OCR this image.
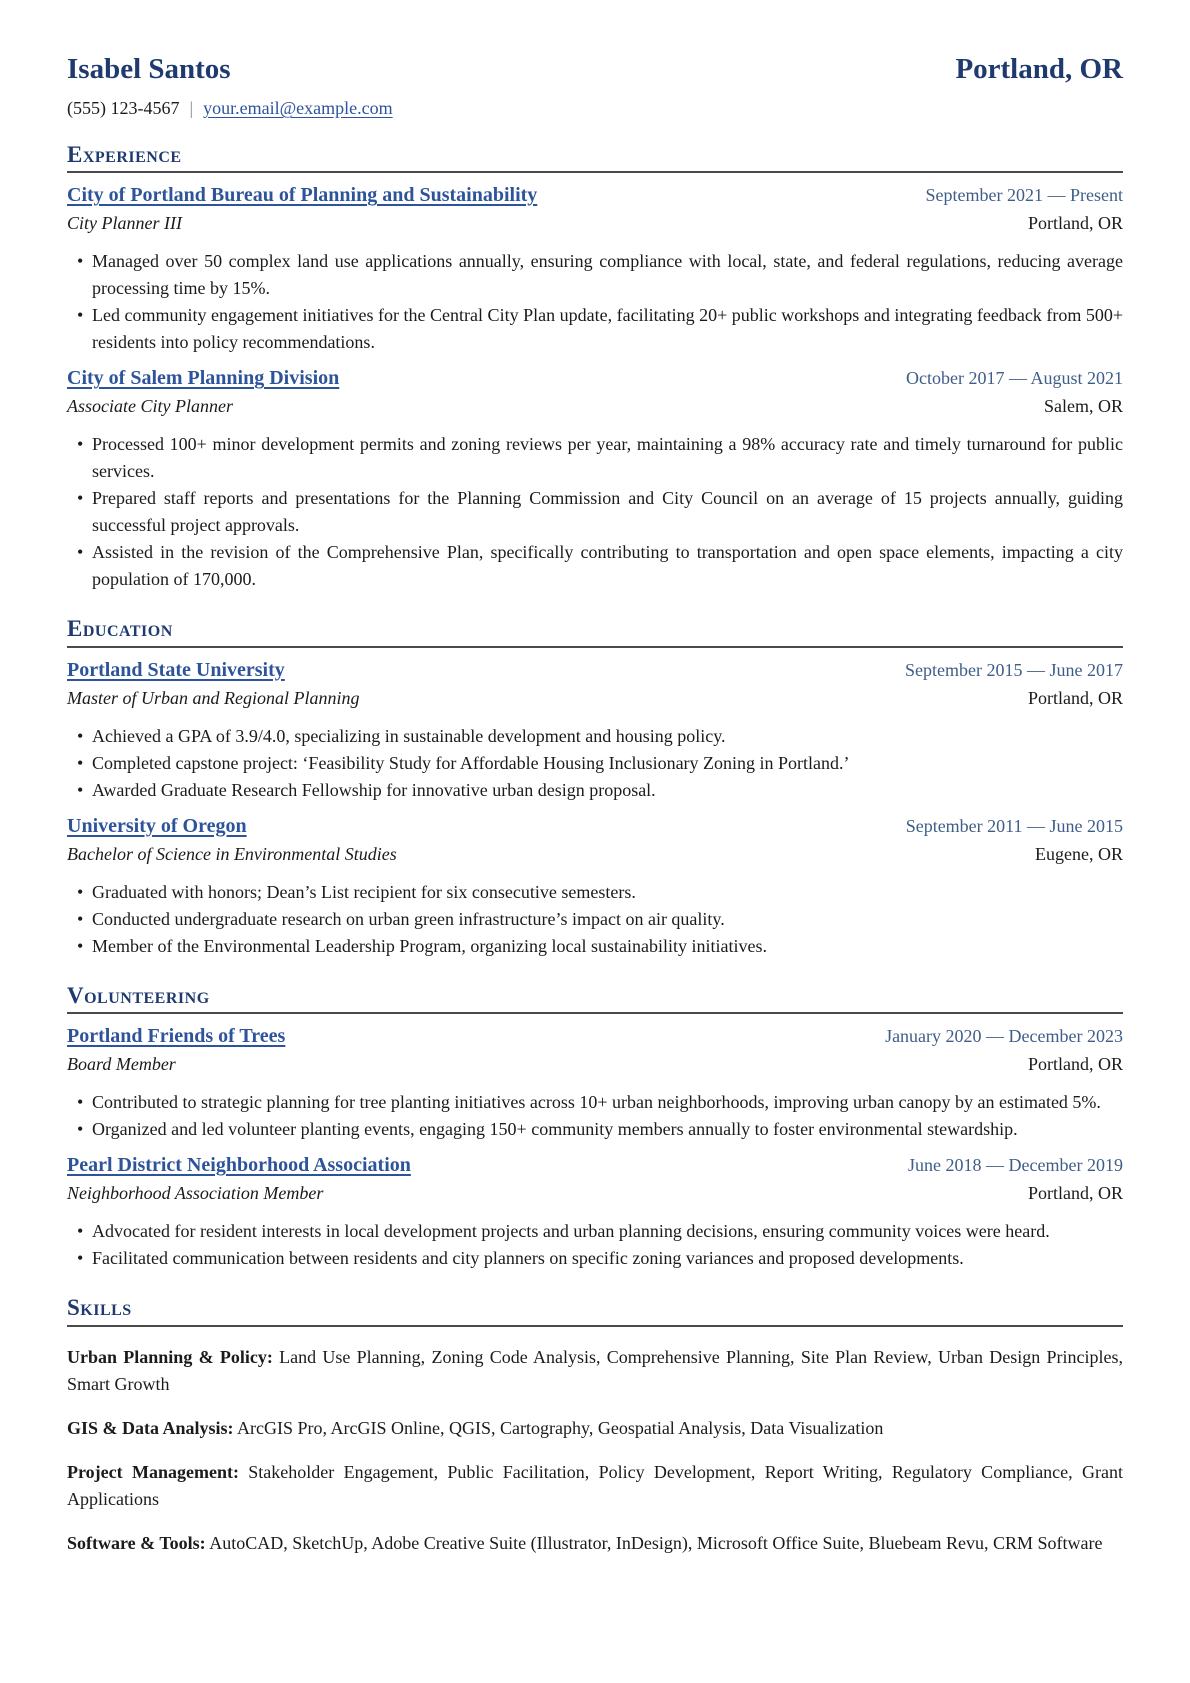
Isabel Santos	Portland, OR
(555) 123-4567 | your.email@example.com
Experience
City of Portland Bureau of Planning and Sustainability	September 2021 — Present
City Planner III	Portland, OR
• Managed over 50 complex land use applications annually, ensuring compliance with local, state, and federal regulations, reducing average processing time by 15%.
• Led community engagement initiatives for the Central City Plan update, facilitating 20+ public workshops and integrating feedback from 500+ residents into policy recommendations.
City of Salem Planning Division	October 2017 — August 2021
Associate City Planner	Salem, OR
• Processed 100+ minor development permits and zoning reviews per year, maintaining a 98% accuracy rate and timely turnaround for public services.
• Prepared staff reports and presentations for the Planning Commission and City Council on an average of 15 projects annually, guiding successful project approvals.
• Assisted in the revision of the Comprehensive Plan, specifically contributing to transportation and open space elements, impacting a city population of 170,000.
Education
Portland State University	September 2015 — June 2017
Master of Urban and Regional Planning	Portland, OR
• Achieved a GPA of 3.9/4.0, specializing in sustainable development and housing policy.
• Completed capstone project: ‘Feasibility Study for Affordable Housing Inclusionary Zoning in Portland.’
• Awarded Graduate Research Fellowship for innovative urban design proposal.
University of Oregon	September 2011 — June 2015
Bachelor of Science in Environmental Studies	Eugene, OR
• Graduated with honors; Dean’s List recipient for six consecutive semesters.
• Conducted undergraduate research on urban green infrastructure’s impact on air quality.
• Member of the Environmental Leadership Program, organizing local sustainability initiatives.
Volunteering
Portland Friends of Trees	January 2020 — December 2023
Board Member	Portland, OR
• Contributed to strategic planning for tree planting initiatives across 10+ urban neighborhoods, improving urban canopy by an estimated 5%.
• Organized and led volunteer planting events, engaging 150+ community members annually to foster environmental stewardship.
Pearl District Neighborhood Association	June 2018 — December 2019
Neighborhood Association Member	Portland, OR
• Advocated for resident interests in local development projects and urban planning decisions, ensuring community voices were heard.
• Facilitated communication between residents and city planners on specific zoning variances and proposed developments.
Skills

Urban Planning & Policy: Land Use Planning, Zoning Code Analysis, Comprehensive Planning, Site Plan Review, Urban Design Principles, Smart Growth

GIS & Data Analysis: ArcGIS Pro, ArcGIS Online, QGIS, Cartography, Geospatial Analysis, Data Visualization

Project Management: Stakeholder Engagement, Public Facilitation, Policy Development, Report Writing, Regulatory Compliance, Grant Applications

Software & Tools: AutoCAD, SketchUp, Adobe Creative Suite (Illustrator, InDesign), Microsoft Office Suite, Bluebeam Revu, CRM Software
